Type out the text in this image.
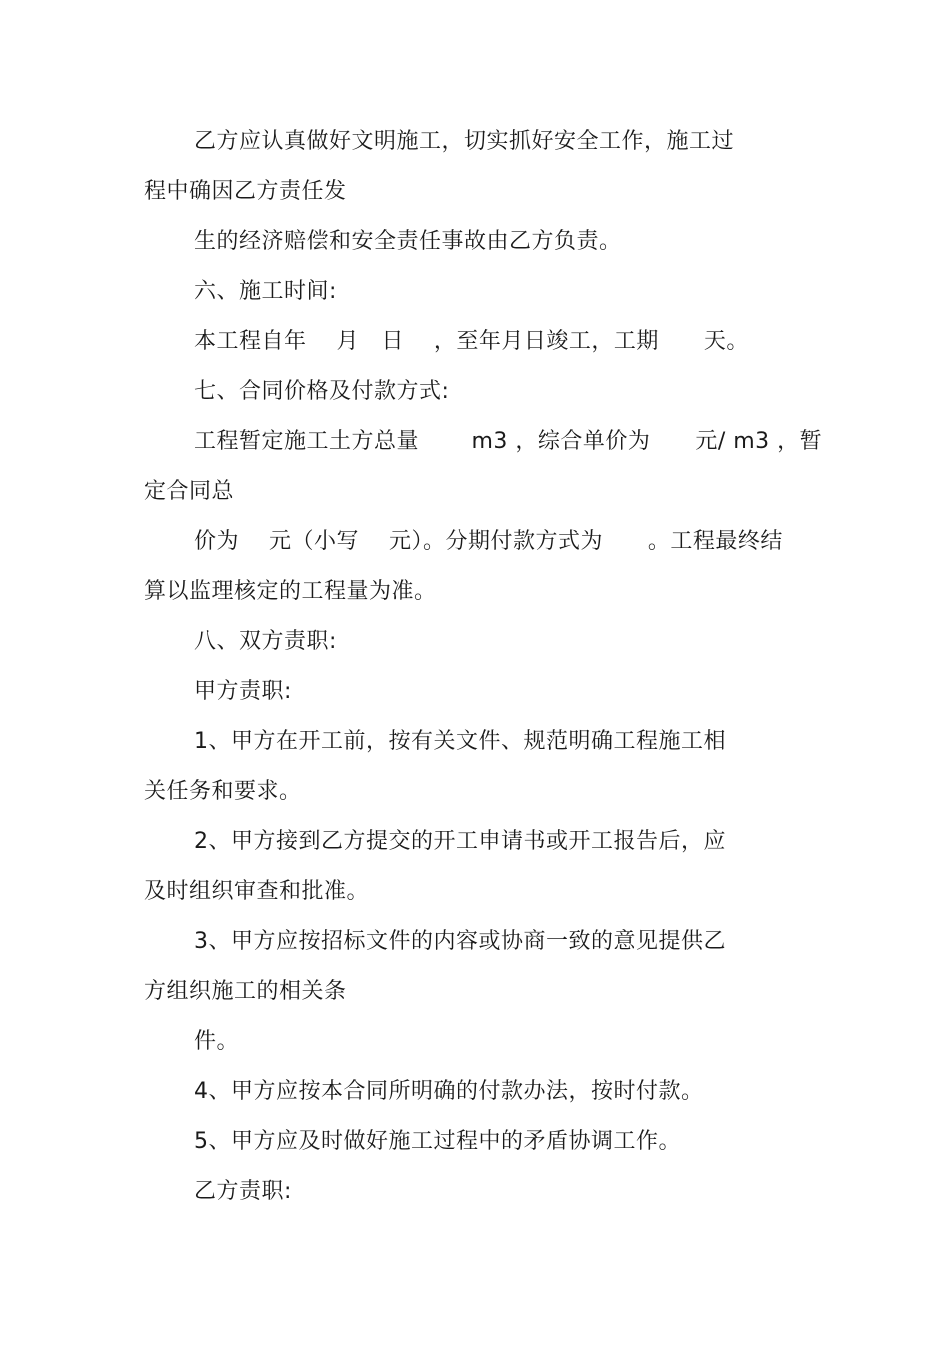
乙方应认真做好文明施工，切实抓好安全工作，施工过
程中确因乙方责任发
生的经济赔偿和安全责任事故由乙方负责。
六、施工时间:
本工程自年    月   日    ，至年月日竣工，工期      天。
七、合同价格及付款方式:
工程暂定施工土方总量       m3 ，综合单价为      元/ m3 ，暂
定合同总
价为    元（小写    元）。分期付款方式为      。工程最终结
算以监理核定的工程量为准。
八、双方责职:
甲方责职:
1、甲方在开工前，按有关文件、规范明确工程施工相
关任务和要求。
2、甲方接到乙方提交的开工申请书或开工报告后，应
及时组织审查和批准。
3、甲方应按招标文件的内容或协商一致的意见提供乙
方组织施工的相关条
件。
4、甲方应按本合同所明确的付款办法，按时付款。
5、甲方应及时做好施工过程中的矛盾协调工作。
乙方责职:
